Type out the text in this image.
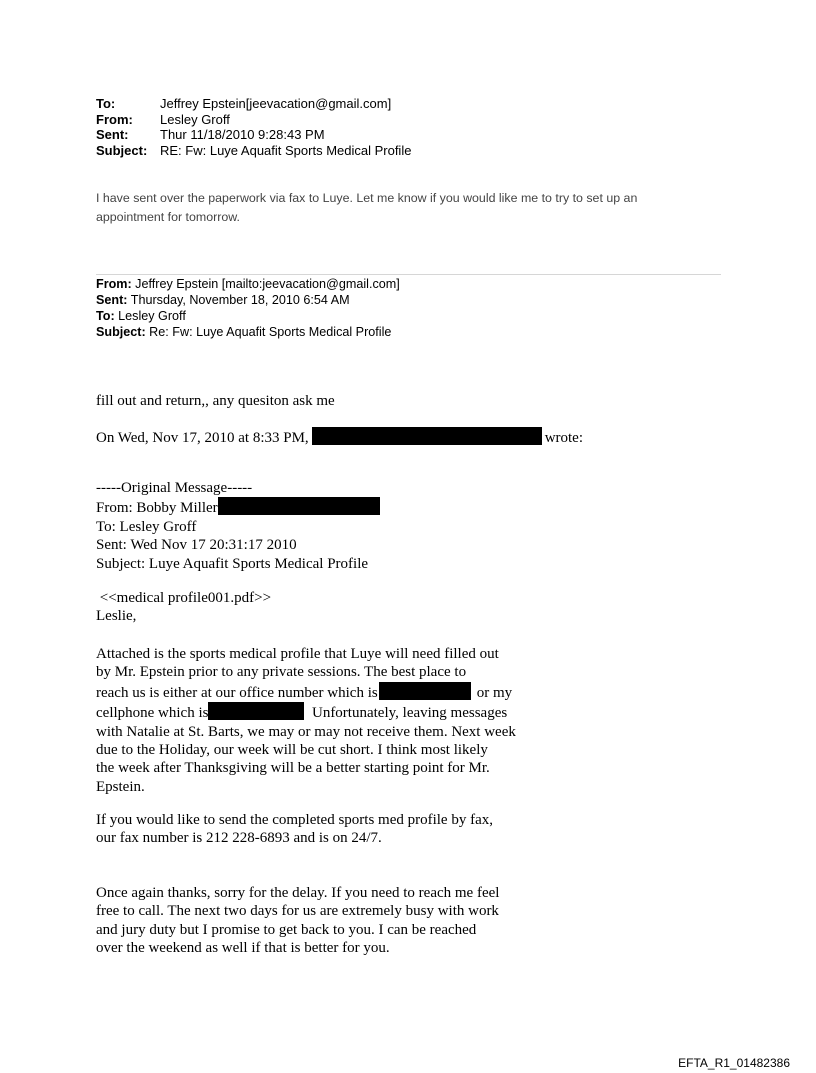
To:	Jeffrey Epstein[jeevacation@gmail.com]
From:	Lesley Groff
Sent:	Thur 11/18/2010 9:28:43 PM
Subject: RE: Fw: Luye Aquafit Sports Medical Profile
I have sent over the paperwork via fax to Luye. Let me know if you would like me to try to set up an
appointment for tomorrow.
From: Jeffrey Epstein [mailto:jeevacation@gmail.com]
Sent: Thursday, November 18, 2010 6:54 AM
To: Lesley Groff
Subject: Re: Fw: Luye Aquafit Sports Medical Profile
fill out and return,, any quesiton ask me
On Wed, Nov 17, 2010 at 8:33 PM,	wrote:
-----Original Message-----
From: Bobby Miller
To: Lesley Groff
Sent: Wed Nov 17 20:31:17 2010
Subject: Luye Aquafit Sports Medical Profile
<<medical profile001.pdf>>
Leslie,
Attached is the sports medical profile that Luye will need filled out
by Mr. Epstein prior to any private sessions. The best place to
reach us is either at our office number which is	or my
cellphone which is	Unfortunately, leaving messages
with Natalie at St. Barts, we may or may not receive them. Next week
due to the Holiday, our week will be cut short. I think most likely
the week after Thanksgiving will be a better starting point for Mr.
Epstein.
If you would like to send the completed sports med profile by fax,
our fax number is 212 228-6893 and is on 24/7.
Once again thanks, sorry for the delay. If you need to reach me feel
free to call. The next two days for us are extremely busy with work
and jury duty but I promise to get back to you. I can be reached
over the weekend as well if that is better for you.
EFTA_R1_01482386
